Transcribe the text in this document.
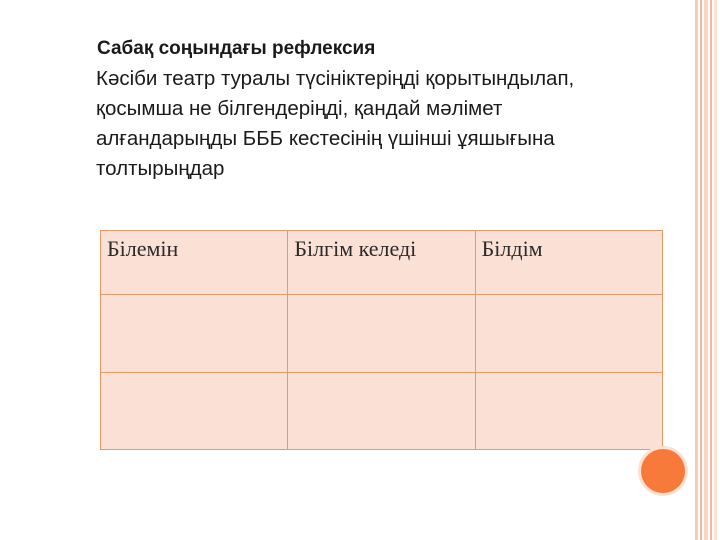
Сабақ соңындағы рефлексия
Кәсіби театр туралы түсініктеріңді қорытындылап,
қосымша не білгендеріңді, қандай мәлімет
алғандарыңды БББ кестесінің үшінші ұяшығына
толтырыңдар
Білемін	Білгім келеді	Білдім
